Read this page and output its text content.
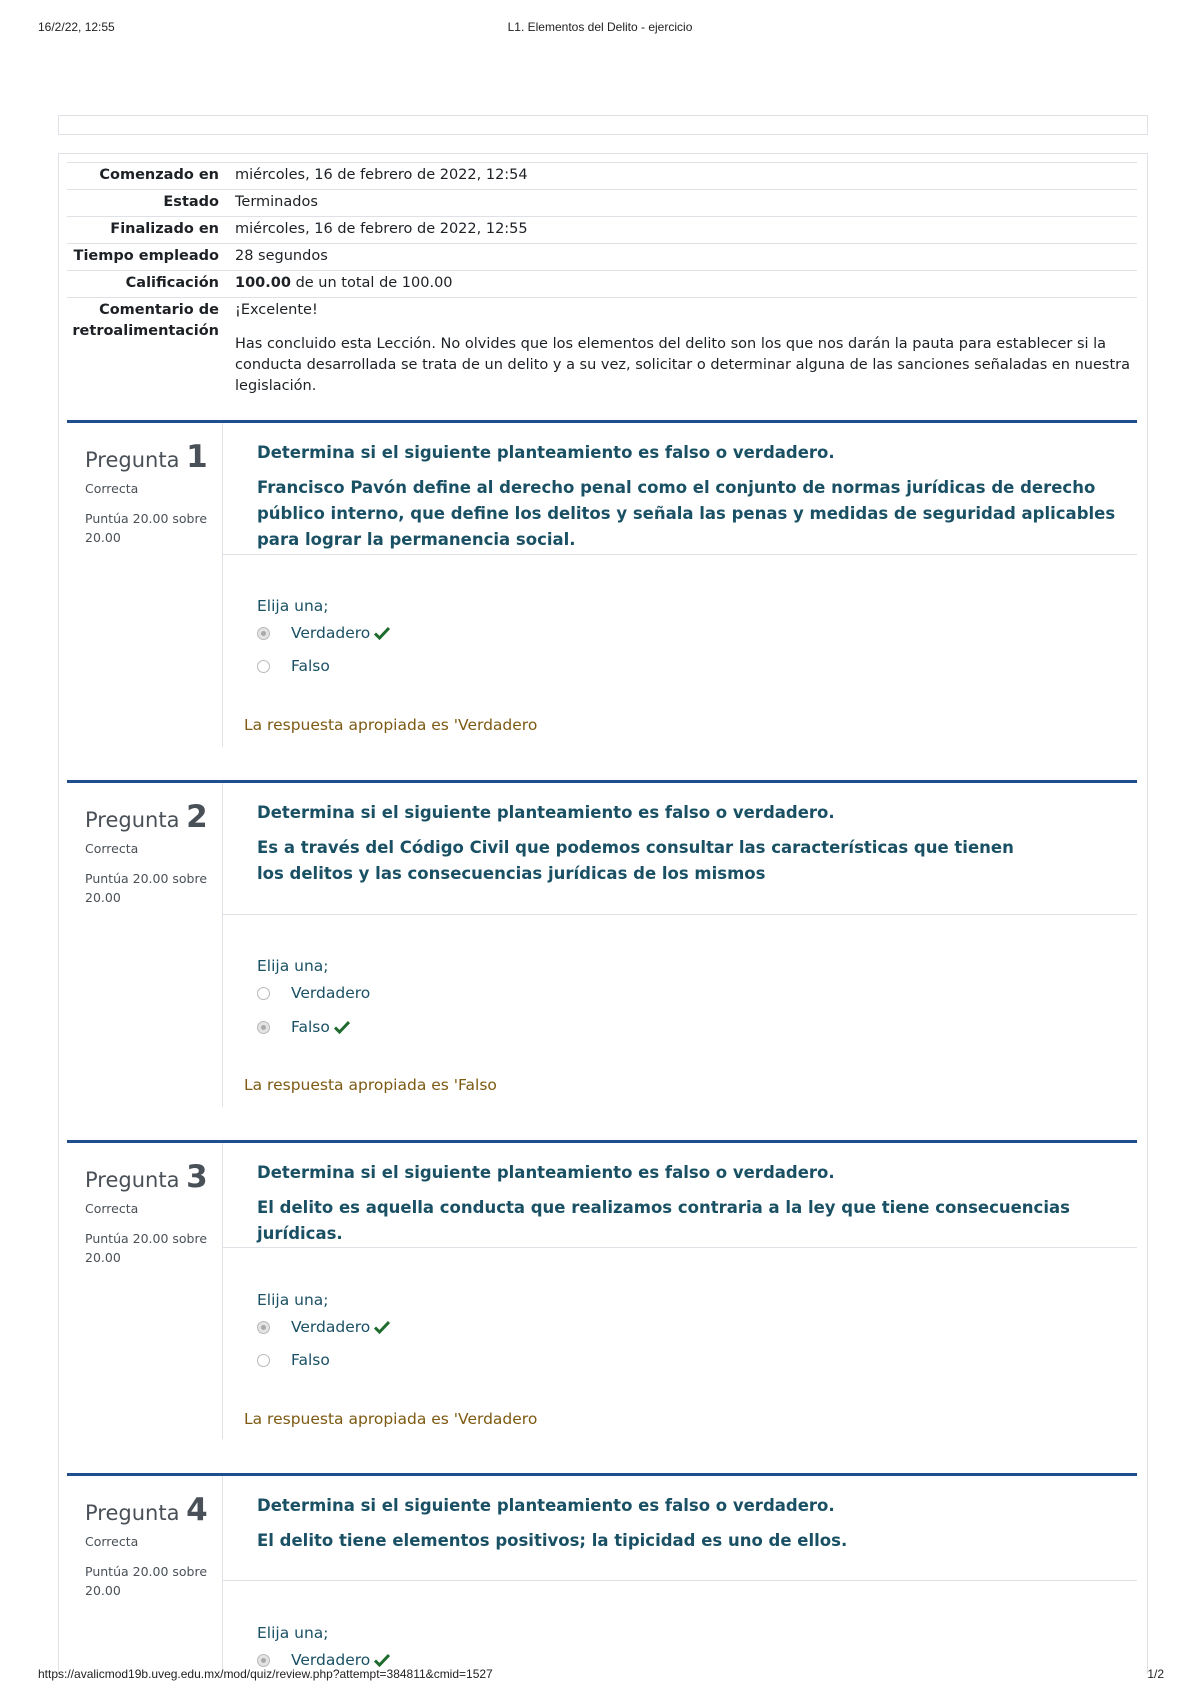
16/2/22, 12:55	L1. Elementos del Delito - ejercicio
Comenzado en	miércoles, 16 de febrero de 2022, 12:54
Estado	Terminados
Finalizado en	miércoles, 16 de febrero de 2022, 12:55
Tiempo empleado	28 segundos
Calificación	100.00 de un total de 100.00
Comentario de retroalimentación

¡Excelente!

Has concluido esta Lección. No olvides que los elementos del delito son los que nos darán la pauta para establecer si la conducta desarrollada se trata de un delito y a su vez, solicitar o determinar alguna de las sanciones señaladas en nuestra legislación.

Pregunta 1
Correcta
Puntúa 20.00 sobre 20.00
Determina si el siguiente planteamiento es falso o verdadero.
Francisco Pavón define al derecho penal como el conjunto de normas jurídicas de derecho público interno, que define los delitos y señala las penas y medidas de seguridad aplicables para lograr la permanencia social.
Elija una;
Verdadero
Falso
La respuesta apropiada es 'Verdadero
Pregunta 2
Correcta
Puntúa 20.00 sobre 20.00
Determina si el siguiente planteamiento es falso o verdadero.
Es a través del Código Civil que podemos consultar las características que tienen los delitos y las consecuencias jurídicas de los mismos
Elija una;
Verdadero
Falso
La respuesta apropiada es 'Falso
Pregunta 3
Correcta
Puntúa 20.00 sobre 20.00
Determina si el siguiente planteamiento es falso o verdadero.
El delito es aquella conducta que realizamos contraria a la ley que tiene consecuencias jurídicas.
Elija una;
Verdadero
Falso
La respuesta apropiada es 'Verdadero
Pregunta 4
Correcta
Puntúa 20.00 sobre 20.00
Determina si el siguiente planteamiento es falso o verdadero.
El delito tiene elementos positivos; la tipicidad es uno de ellos.
Elija una;
Verdadero
https://avalicmod19b.uveg.edu.mx/mod/quiz/review.php?attempt=384811&cmid=1527	1/2
